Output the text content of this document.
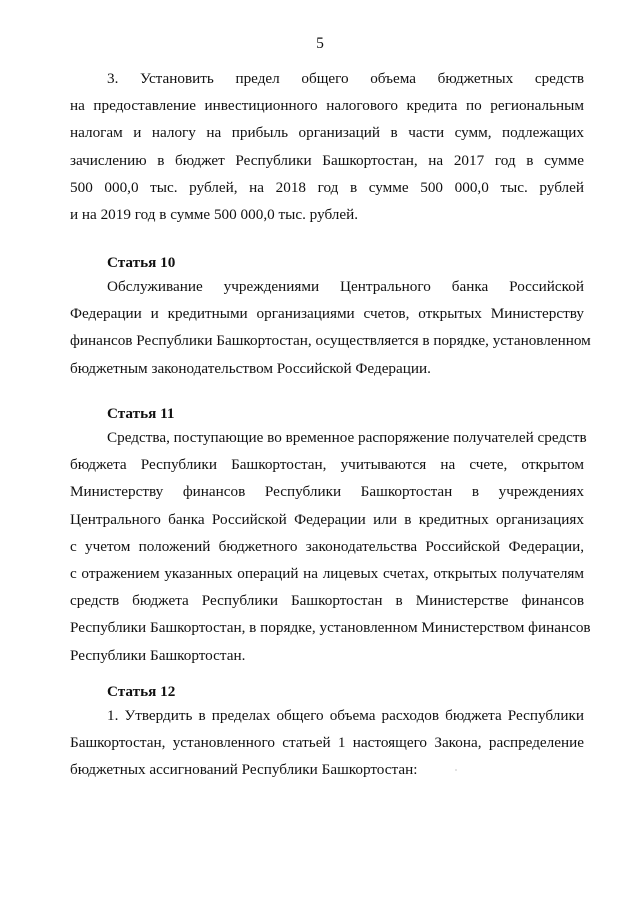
5
3. Установить предел общего объема бюджетных средств
на предоставление инвестиционного налогового кредита по региональным
налогам и налогу на прибыль организаций в части сумм, подлежащих
зачислению в бюджет Республики Башкортостан, на 2017 год в сумме
500 000,0 тыс. рублей, на 2018 год в сумме 500 000,0 тыс. рублей
и на 2019 год в сумме 500 000,0 тыс. рублей.
Статья 10
Обслуживание учреждениями Центрального банка Российской
Федерации и кредитными организациями счетов, открытых Министерству
финансов Республики Башкортостан, осуществляется в порядке, установленном
бюджетным законодательством Российской Федерации.
Статья 11
Средства, поступающие во временное распоряжение получателей средств
бюджета Республики Башкортостан, учитываются на счете, открытом
Министерству финансов Республики Башкортостан в учреждениях
Центрального банка Российской Федерации или в кредитных организациях
с учетом положений бюджетного законодательства Российской Федерации,
с отражением указанных операций на лицевых счетах, открытых получателям
средств бюджета Республики Башкортостан в Министерстве финансов
Республики Башкортостан, в порядке, установленном Министерством финансов
Республики Башкортостан.
Статья 12
1. Утвердить в пределах общего объема расходов бюджета Республики
Башкортостан, установленного статьей 1 настоящего Закона, распределение
бюджетных ассигнований Республики Башкортостан:
